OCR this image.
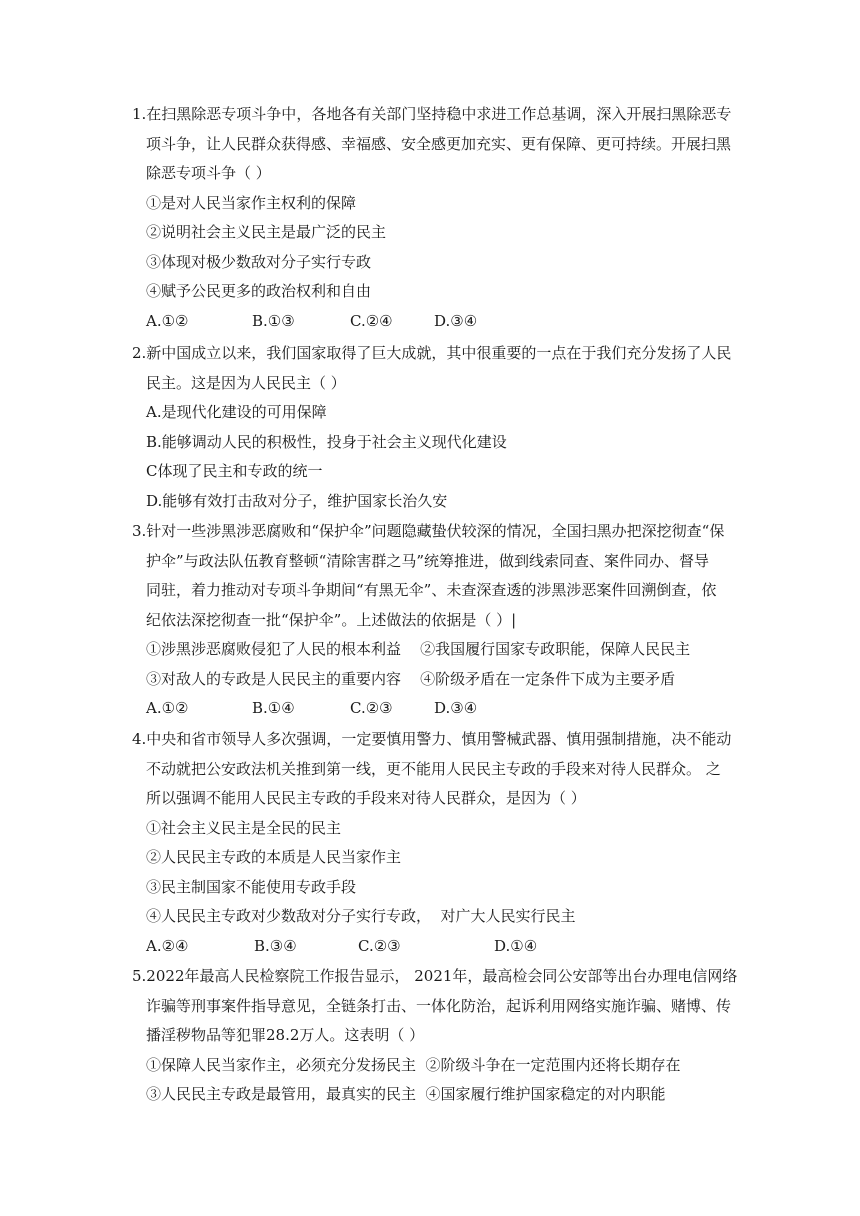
1.在扫黑除恶专项斗争中，各地各有关部门坚持稳中求进工作总基调，深入开展扫黑除恶专
项斗争，让人民群众获得感、幸福感、安全感更加充实、更有保障、更可持续。开展扫黑
除恶专项斗争（ ）
①是对人民当家作主权利的保障
②说明社会主义民主是最广泛的民主
③体现对极少数敌对分子实行专政
④赋予公民更多的政治权利和自由
A.①②	B.①③	C.②④	D.③④
2.新中国成立以来，我们国家取得了巨大成就，其中很重要的一点在于我们充分发扬了人民
民主。这是因为人民民主（ ）
A.是现代化建设的可用保障
B.能够调动人民的积极性，投身于社会主义现代化建设
C体现了民主和专政的统一
D.能够有效打击敌对分子，维护国家长治久安
3.针对一些涉黑涉恶腐败和“保护伞”问题隐藏蛰伏较深的情况，全国扫黑办把深挖彻查“保
护伞”与政法队伍教育整顿“清除害群之马”统筹推进，做到线索同查、案件同办、督导
同驻，着力推动对专项斗争期间“有黑无伞”、未查深查透的涉黑涉恶案件回溯倒查，依
纪依法深挖彻查一批“保护伞”。上述做法的依据是（ ）|
①涉黑涉恶腐败侵犯了人民的根本利益    ②我国履行国家专政职能，保障人民民主
③对敌人的专政是人民民主的重要内容    ④阶级矛盾在一定条件下成为主要矛盾
A.①②	B.①④	C.②③	D.③④
4.中央和省市领导人多次强调，一定要慎用警力、慎用警械武器、慎用强制措施，决不能动
不动就把公安政法机关推到第一线，更不能用人民民主专政的手段来对待人民群众。 之
所以强调不能用人民民主专政的手段来对待人民群众，是因为（ ）
①社会主义民主是全民的民主
②人民民主专政的本质是人民当家作主
③民主制国家不能使用专政手段
④人民民主专政对少数敌对分子实行专政，  对广大人民实行民主
A.②④	B.③④	C.②③	D.①④
5.2022年最高人民检察院工作报告显示， 2021年，最高检会同公安部等出台办理电信网络
诈骗等刑事案件指导意见，全链条打击、一体化防治，起诉利用网络实施诈骗、赌博、传
播淫秽物品等犯罪28.2万人。这表明（ ）
①保障人民当家作主，必须充分发扬民主  ②阶级斗争在一定范围内还将长期存在
③人民民主专政是最管用，最真实的民主  ④国家履行维护国家稳定的对内职能
